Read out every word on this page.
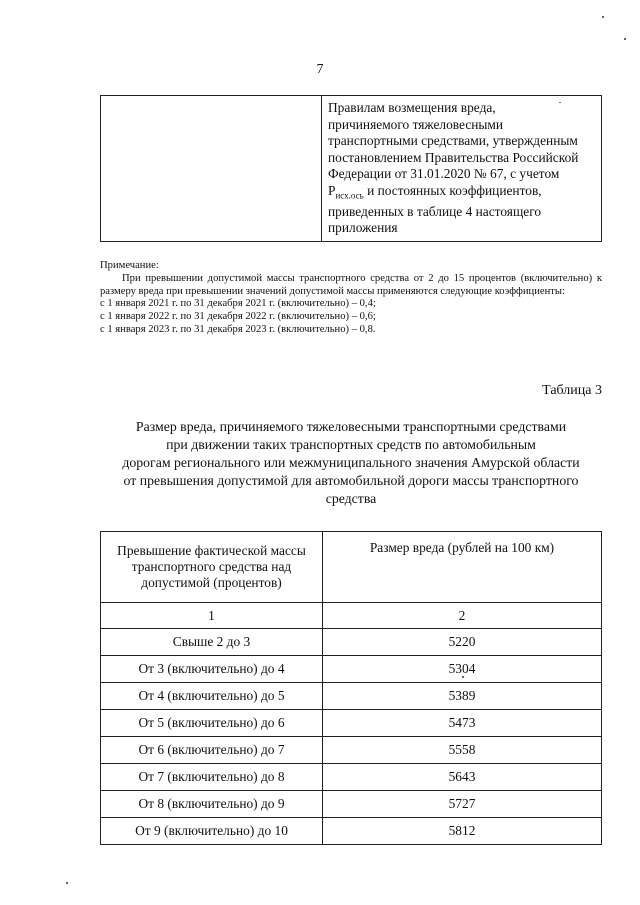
7

Правилам возмещения вреда,
причиняемого тяжеловесными
транспортными средствами, утвержденным
постановлением Правительства Российской
Федерации от 31.01.2020 № 67, с учетом
$Р_{исх.ось}$ и постоянных коэффициентов,
приведенных в таблице 4 настоящего
приложения

Примечание:

При превышении допустимой массы транспортного средства от 2 до 15 процентов (включительно) к размеру вреда при превышении значений допустимой массы применяются следующие коэффициенты:

с 1 января 2021 г. по 31 декабря 2021 г. (включительно) – 0,4;

с 1 января 2022 г. по 31 декабря 2022 г. (включительно) – 0,6;

с 1 января 2023 г. по 31 декабря 2023 г. (включительно) – 0,8.

Таблица 3
Размер вреда, причиняемого тяжеловесными транспортными средствами
при движении таких транспортных средств по автомобильным
дорогам регионального или межмуниципального значения Амурской области
от превышения допустимой для автомобильной дороги массы транспортного
средства
Превышение фактической массы
транспортного средства над
допустимой (процентов)	Размер вреда (рублей на 100 км)
1	2
Свыше 2 до 3	5220
От 3 (включительно) до 4	5304
От 4 (включительно) до 5	5389
От 5 (включительно) до 6	5473
От 6 (включительно) до 7	5558
От 7 (включительно) до 8	5643
От 8 (включительно) до 9	5727
От 9 (включительно) до 10	5812
